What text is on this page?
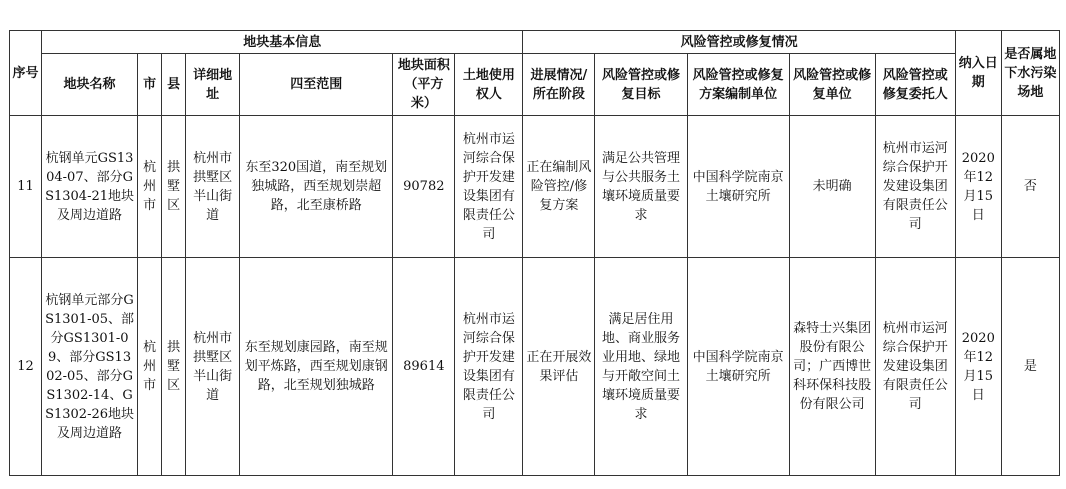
序号	地块基本信息							风险管控或修复情况					纳入日期	是否属地下水污染场地
	地块名称	市	县	详细地址	四至范围	地块面积（平方米）	土地使用权人	进展情况/所在阶段	风险管控或修复目标	风险管控或修复方案编制单位	风险管控或修复单位	风险管控或修复委托人		
11	杭钢单元GS1304-07、部分GS1304-21地块及周边道路	杭州市	拱墅区	杭州市拱墅区半山街道	东至320国道，南至规划独城路，西至规划崇超路，北至康桥路	90782	杭州市运河综合保护开发建设集团有限责任公司	正在编制风险管控/修复方案	满足公共管理与公共服务土壤环境质量要求	中国科学院南京土壤研究所	未明确	杭州市运河综合保护开发建设集团有限责任公司	2020年12月15日	否
12	杭钢单元部分GS1301-05、部分GS1301-09、部分GS1302-05、部分GS1302-14、GS1302-26地块及周边道路	杭州市	拱墅区	杭州市拱墅区半山街道	东至规划康园路，南至规划平炼路，西至规划康钢路，北至规划独城路	89614	杭州市运河综合保护开发建设集团有限责任公司	正在开展效果评估	满足居住用地、商业服务业用地、绿地与开敞空间土壤环境质量要求	中国科学院南京土壤研究所	森特士兴集团股份有限公司；广西博世科环保科技股份有限公司	杭州市运河综合保护开发建设集团有限责任公司	2020年12月15日	是
